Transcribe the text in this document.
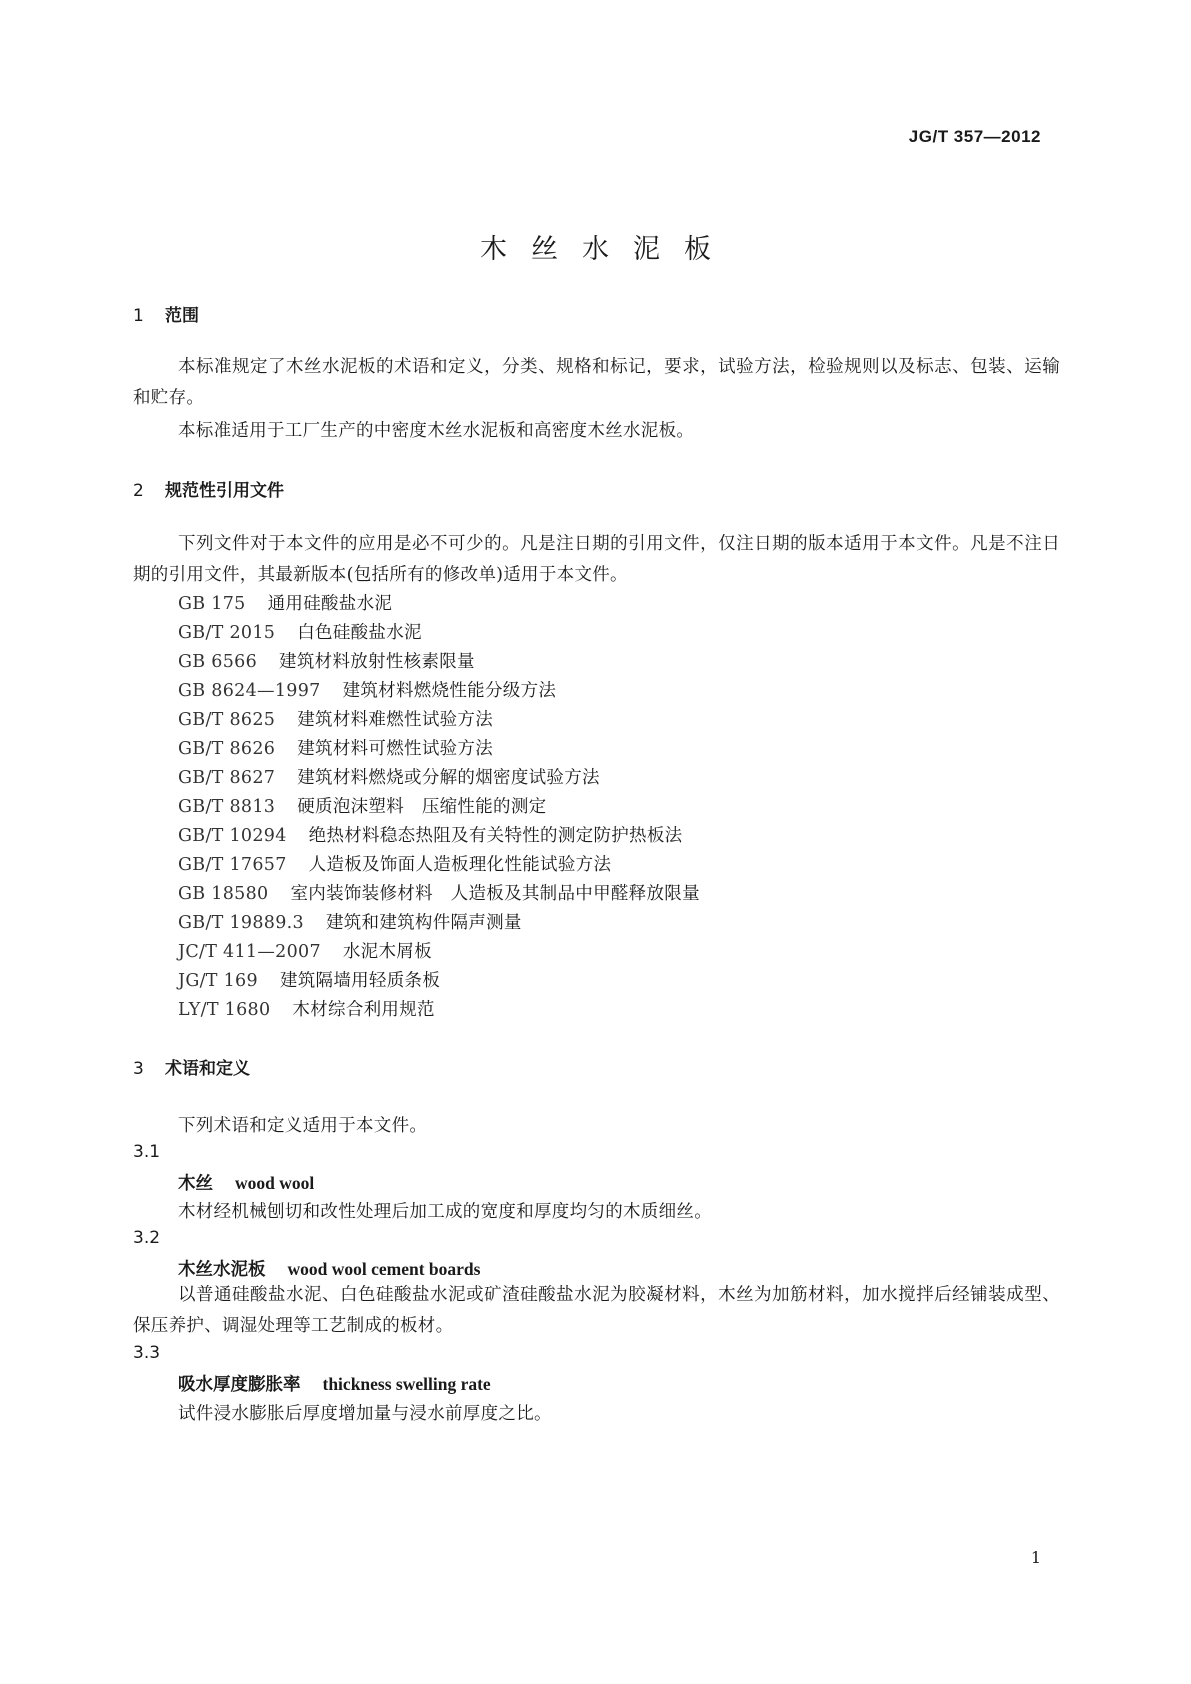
JG/T 357—2012
木丝水泥板
1 范围
本标准规定了木丝水泥板的术语和定义，分类、规格和标记，要求，试验方法，检验规则以及标志、包装、运输和贮存。
本标准适用于工厂生产的中密度木丝水泥板和高密度木丝水泥板。
2 规范性引用文件
下列文件对于本文件的应用是必不可少的。凡是注日期的引用文件，仅注日期的版本适用于本文件。凡是不注日期的引用文件，其最新版本(包括所有的修改单)适用于本文件。
GB 175 通用硅酸盐水泥
GB/T 2015 白色硅酸盐水泥
GB 6566 建筑材料放射性核素限量
GB 8624—1997 建筑材料燃烧性能分级方法
GB/T 8625 建筑材料难燃性试验方法
GB/T 8626 建筑材料可燃性试验方法
GB/T 8627 建筑材料燃烧或分解的烟密度试验方法
GB/T 8813 硬质泡沫塑料　压缩性能的测定
GB/T 10294 绝热材料稳态热阻及有关特性的测定防护热板法
GB/T 17657 人造板及饰面人造板理化性能试验方法
GB 18580 室内装饰装修材料　人造板及其制品中甲醛释放限量
GB/T 19889.3 建筑和建筑构件隔声测量
JC/T 411—2007 水泥木屑板
JG/T 169 建筑隔墙用轻质条板
LY/T 1680 木材综合利用规范
3 术语和定义
下列术语和定义适用于本文件。
3.1
木丝 wood wool
木材经机械刨切和改性处理后加工成的宽度和厚度均匀的木质细丝。
3.2
木丝水泥板 wood wool cement boards
以普通硅酸盐水泥、白色硅酸盐水泥或矿渣硅酸盐水泥为胶凝材料，木丝为加筋材料，加水搅拌后经铺装成型、保压养护、调湿处理等工艺制成的板材。
3.3
吸水厚度膨胀率 thickness swelling rate
试件浸水膨胀后厚度增加量与浸水前厚度之比。
1
